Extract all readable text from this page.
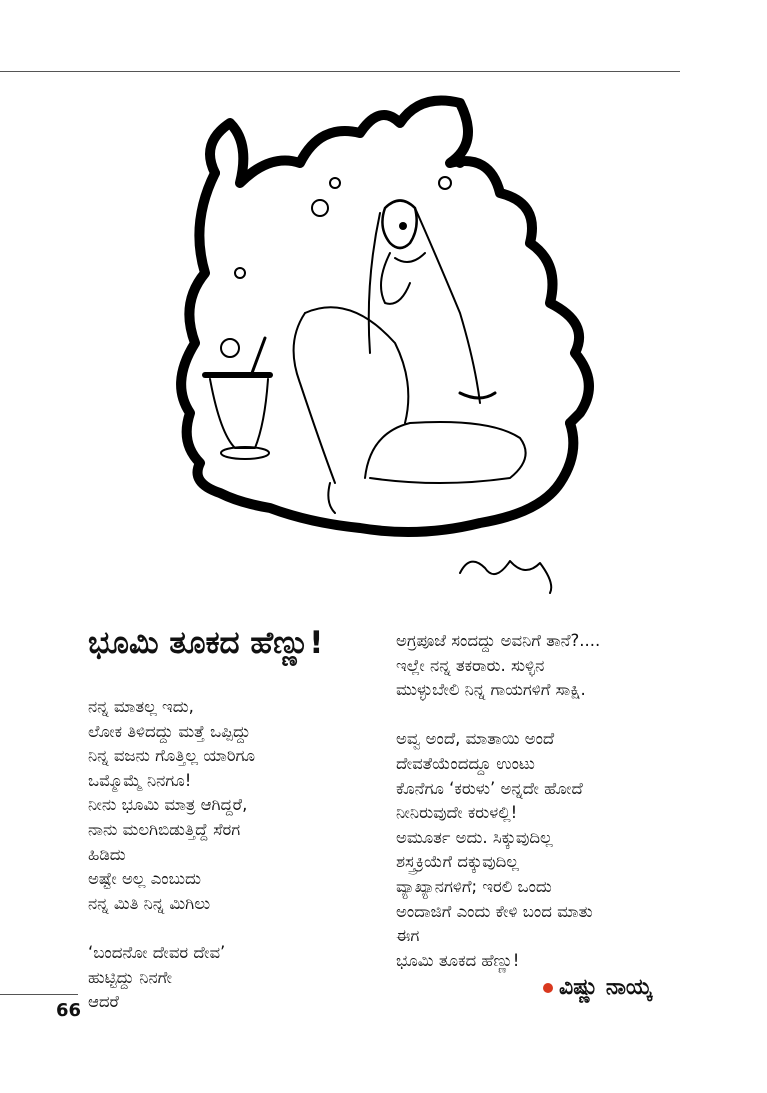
ಭೂಮಿ ತೂಕದ ಹೆಣ್ಣು!
ನನ್ನ ಮಾತಲ್ಲ ಇದು,
ಲೋಕ ತಿಳಿದದ್ದು ಮತ್ತೆ ಒಪ್ಪಿದ್ದು
ನಿನ್ನ ವಜನು ಗೊತ್ತಿಲ್ಲ ಯಾರಿಗೂ
ಒಮ್ಮೊಮ್ಮೆ ನಿನಗೂ!
ನೀನು ಭೂಮಿ ಮಾತ್ರ ಆಗಿದ್ದರೆ,
ನಾನು ಮಲಗಿಬಿಡುತ್ತಿದ್ದೆ ಸೆರಗ
ಹಿಡಿದು
ಅಷ್ಟೇ ಅಲ್ಲ ಎಂಬುದು
ನನ್ನ ಮಿತಿ ನಿನ್ನ ಮಿಗಿಲು
‘ಬಂದನೋ ದೇವರ ದೇವ’
ಹುಟ್ಟಿದ್ದು ನಿನಗೇ
ಆದರೆ
ಅಗ್ರಪೂಜೆ ಸಂದದ್ದು ಅವನಿಗೆ ತಾನೆ?....
ಇಲ್ಲೇ ನನ್ನ ತಕರಾರು. ಸುಳ್ಳಿನ
ಮುಳ್ಳುಬೇಲಿ ನಿನ್ನ ಗಾಯಗಳಿಗೆ ಸಾಕ್ಷಿ.
ಅವ್ವ ಅಂದೆ, ಮಾತಾಯಿ ಅಂದೆ
ದೇವತೆಯೆಂದದ್ದೂ ಉಂಟು
ಕೊನೆಗೂ ‘ಕರುಳು’ ಅನ್ನದೇ ಹೋದೆ
ನೀನಿರುವುದೇ ಕರುಳಲ್ಲಿ!
ಅಮೂರ್ತ ಅದು. ಸಿಕ್ಕುವುದಿಲ್ಲ
ಶಸ್ತ್ರಕ್ರಿಯೆಗೆ ದಕ್ಕುವುದಿಲ್ಲ
ವ್ಯಾಖ್ಯಾನಗಳಿಗೆ; ಇರಲಿ ಒಂದು
ಅಂದಾಜಿಗೆ ಎಂದು ಕೇಳಿ ಬಂದ ಮಾತು
ಈಗ
ಭೂಮಿ ತೂಕದ ಹೆಣ್ಣು!
ವಿಷ್ಣು ನಾಯ್ಕ
66
